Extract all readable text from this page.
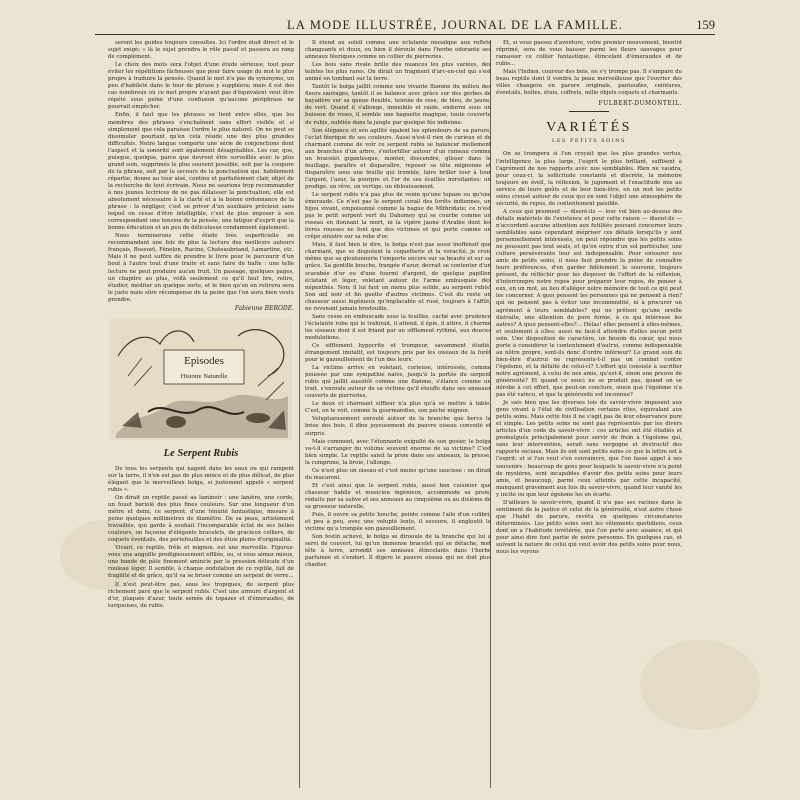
LA MODE ILLUSTRÉE, JOURNAL DE LA FAMILLE.	159

seront les guides toujours consultés. Ici l'ordre était direct et le sujet exigé; « là le sujet prendra le rôle passif et passera au rang de complément.

Le choix des mots sera l'objet d'une étude sérieuse, tout pour éviter les répétitions fâcheuses que pour faire usage du mot le plus propre à traduire la pensée. Quand le mot n'a pas de synonyme, un peu d'habileté dans le tour de phrase y suppléera; mais il est des cas nombreux où ce mot propre n'ayant pas d'équivalent veut être répété sous peine d'une confusion qu'aucune périphrase ne pourrait empêcher.

Enfin, il faut que les phrases se lient entre elles, que les membres des phrases s'enchaînent sans effort visible et si simplement que cela paraisse l'ordre le plus naturel. On ne peut se dissimuler pourtant qu'en cela réside une des plus grandes difficultés. Notre langue comporte une série de conjonctions dont l'aspect et la sonorité sont également désagréables. Les car, que, puisque, quoique, parce que devront être surveillés avec le plus grand soin, supprimés le plus souvent possible, soit par la coupure de la phrase, soit par le secours de la ponctuation qui, habilement répartie, donne au tour aisé, continu et parfaitement clair, objet de la recherche de tout écrivain. Nous ne saurions trop recommander à nos jeunes lectrices de ne pas délaisser la ponctuation; elle est absolument nécessaire à la clarté et à la bonne ordonnance de la phrase : la négliger, c'est se priver d'un auxiliaire précieux sans lequel on cesse d'être intelligible, c'est de plus imposer à son correspondant une tension de la pensée, une fatigue d'esprit que la bonne éducation et un peu de délicatesse condamnent également.

Nous terminerons cette étude très superficielle en recommandant une fois de plus la lecture des meilleurs auteurs français, Bossuet, Fénelon, Racine, Chateaubriand, Lamartine, etc. Mais il ne peut suffire de prendre le livre pour le parcourir d'un bout à l'autre tout d'une traite et sans faire de halte : une telle lecture ne peut produire aucun fruit. Un passage, quelques pages, un chapitre au plus, voilà seulement ce qu'il faut lire, relire, étudier, méditer en quelque sorte, et le bien qu'on en retirera sera le juste mais sûre récompense de la peine que l'on aura bien voulu prendre.

Fabienne BERODE.
Episodes
Histoire Naturelle
Le Serpent Rubis

De tous les serpents qui nagent dans les eaux ou qui rampent sur la terre, il n'en est pas de plus mince et de plus délicat, de plus élégant que le merveilleux boïga, si justement appelé « serpent rubis ».

On dirait un reptile passé au laminoir : une lanière, une corde, un fouet bariolé des plus fines couleurs. Sur une longueur d'un mètre et demi, ce serpent, d'une ténuité fantastique, mesure à peine quelques millimètres de diamètre. De sa peau, artistement travaillée, qui garde à souhait l'incomparable éclat de ses belles couleurs, on façonne d'élégants bracelets, de gracieux colliers, de coquets éventails, des portefeuilles et des étuis pleins d'originalité.

Vivant, ce reptile, frêle et mignon, est une merveille. Figurez-vous une anguille prodigieusement effilée, ou, si vous aimez mieux, une bande de pâte finement amincie par la pression délicate d'un rouleau léger. Il semble, à chaque ondulation de ce reptile, fait de fragilité et de grâce, qu'il va se briser comme un serpent de verre...

Il n'est peut-être pas, sous les tropiques, de serpent plus richement paré que le serpent rubis. C'est une armure d'argent et d'or, plaquée d'azur, toute semée de topazes et d'émeraudes, de turquoises, de rubis.

Il étend au soleil comme une éclatante mosaïque aux reflets changeants et doux, ou bien il déroule dans l'herbe odorante ses anneaux féeriques comme un collier de pierreries.

Les bois sans rivale brille des nuances les plus variées, des teintes les plus rares. On dirait un fragment d'arc-en-ciel qui s'est animé en tombant sur la terre.

Tantôt le boïga jaillit comme une vivante flamme du milieu des fleurs sauvages, tantôt il se balance avec grâce sur des gerbes de bayadère sur sa queue flexible, teintée de rose, de bleu, de jaune, de vert. Quand il s'allonge, immobile et raide, endormi sous un buisson de roses, il semble une baguette magique, toute couverte de rubis, oubliée dans la jungle par quelque fée indienne.

Son élégance et son agilité égalent les splendeurs de sa parure, l'éclat féerique de ses couleurs. Aussi n'est-il rien de curieux et de charmant comme de voir ce serpent rubis se balancer mollement aux branches d'un arbre, s'entortiller autour d'un rameau comme un bracelet gigantesque, monter, descendre, glisser dans le feuillage, paraître et disparaître, reposer sa tête mignonne et disparaître sous une feuille qui tremble, faire briller tour à tour l'argent, l'azur, la pourpre et l'or de ses écailles miroitantes; un prodige, un rêve, un vertige, un éblouissement.

Le serpent rubis n'a pas plus de venin qu'une topaze ou qu'une émeraude. Ce n'est pas le serpent corail des forêts indiennes, un bijou vivant, empoisonné comme la bague de Mithridate; ce n'est pas le petit serpent vert du Dahomey qui se courbe comme un roseau en donnant la mort, ni la vipère jaune d'Arabie dont les livres rousses ne font que des victimes et qui porte comme un crêpe sinistre sur sa robe d'or.

Mais, il faut bien le dire, le boïga n'est pas aussi inoffensif que charmant, que se disputent la coquetterie et la voracité; je crois même que sa gloutonnerie l'emporte encore sur sa beauté et sur sa grâce. Sa gentille bouche, frangée d'azur, devrait se contenter d'un scarabée d'or ou d'une fourmi d'argent, de quelque papillon éclatant et léger, voletant autour de l'arme embusquée des népenthès. Non; il lui faut un menu plus solide, au serpent rubis! Son œil noir et fin guette d'autres victimes. C'est du reste un chasseur aussi ingénieux qu'implacable et rusé, toujours à l'affût, ne revenant jamais bredouille.

Sans cesse en embuscade sous la feuillée, caché avec prudence l'éclatante robe qui le trahirait, il attend, il épie, il attire, il charme les oiseaux dont il est friand par un sifflement rythmé, aux douces modulations.

Ce sifflement hypocrite et trompeur, savamment étudié, étrangement imitatif, est toujours pris par les oiseaux de la forêt pour le gazouillement de l'un des leurs.

La victime arrive en voletant, curieuse, intéressée, comme poussée par une sympathie naïve, jusqu'à la portée du serpent rubis qui jaillit aussitôt comme une flamme, s'élance comme un trait, s'enroule autour de sa victime qu'il étouffe dans ses anneaux couverts de pierreries.

Le doux et charmant siffleur n'a plus qu'à se mettre à table. C'est, on le voit, comme la gourmandise, son péché mignon.

Voluptueusement enroulé autour de la branche que berce la brise des bois, il dîne joyeusement du pauvre oiseau convoité et surpris.

Mais comment, avec l'étonnante exiguïté de son gosier, le boïga va-t-il s'arranger du volume souvent énorme de sa victime? C'est bien simple. Le reptile saisit la proie dans ses anneaux, la presse, la comprime, la broie, l'allonge.

Ce n'est plus un oiseau et c'est moins qu'une saucisse : on dirait du macaroni.

Et c'est ainsi que le serpent rubis, aussi bon cuisinier que chasseur habile et musicien ingénieux, accommode sa proie, réduite par sa salive et ses anneaux au cinquième ou au dixième de sa grosseur naturelle.

Puis, il ouvre sa petite bouche, peinte comme l'aile d'un colibri, et peu à peu, avec une volupté lente, il savoure, il engloutit la victime qu'a trompée son gazouillement.

Son festin achevé, le boïga se dirooule de la branche qui lui a servi de couvert, lui qu'un immense bracelet qui se détache, met tête à terre, arrondit ses anneaux étincelants dans l'herbe parfumée et s'endort. Il digère le pauvre oiseau qui ne doit plus chanter.

Et, si vous passez d'aventure, votre premier mouvement, bientôt réprimé, sera de vous baisser parmi les fleurs sauvages pour ramasser ce collier fantastique, étincelant d'émeraudes et de rubis...

Mais l'Indien, coureur des bois, ne s'y trompe pas. Il s'empare du beau reptile dont il vendra la peau merveilleuse que l'ouvrier des villes changera en parure originale, pantoufles, ceintures, éventails, boîtes, étuis, coffrets, mille objets coquets et charmants.

FULBERT-DUMONTEIL.
VARIÉTÉS
LES PETITS SOINS

On se trompera si l'on croyait que les plus grandes vertus, l'intelligence la plus large, l'esprit le plus brillant, suffisent à l'agrément de nos rapports avec nos semblables. Rien ne vaudra, pour ceux-ci, la sollicitude constante et discrète, la mémoire toujours en éveil, la réflexion, le jugement et l'exactitude mis au service de leurs goûts et de leur bien-être, en un mot les petits soins creusé autour de ceux qui en sont l'objet une atmosphère de sécurité, de repos, de contentement paisible.

A ceux qui prennent — disent-ils — leur vol bien au-dessus des détails matériels de l'existence et pour cette raison — disent-ils — n'accordent aucune attention aux futilités pouvant concerner leurs semblables sans cependant mépriser ces détails lorsqu'ils y sont personnellement intéressés, on peut répondre que les petits soins ne poussent pas tout seuls, et qu'en outre d'un sol particulier, une culture persévérante leur est indispensable. Pour entourer nos amis de petits soins, il nous faut prendre la peine de connaître leurs préférences, d'en garder fidèlement le souvenir, toujours présent, de réfléchir pour les disposer de l'effort de la réflexion, d'interrompre notre repos pour préparer leur repos, de penser à eux, en un mot, au lieu d'alléger notre mémoire de tout ce qui peut les concerner. A quoi pensent les personnes qui ne pensent à rien? qui ne pensent pas à éviter une incommodité, ni à procurer un agrément à leurs semblables? qui ne prêtent qu'une oreille distraite, une attention de pure forme, à ce qui intéresse les autres? A quoi pensent-elles?... Hélas! elles pensent à elles-mêmes, et seulement à elles; aussi ne faut-il attendre d'elles aucun petit soin. Une disposition de caractère, un besoin du cœur, qui nous porte à considérer le contentement d'autrui, comme indispensable au nôtre propre, sont-ils donc d'ordre inférieur? Le grand soin du bien-être d'autrui ne représente-t-il pas un combat contre l'égoïsme, et la défaite de celui-ci? L'effort qui consiste à sacrifier notre agrément, à celui de nos amis, qu'est-il, sinon une preuve de générosité? Et quand ce souci ne se produit pas, quand on se dérobe à cet effort, que peut-on conclure, sinon que l'égoïsme n'a pas été vaincu, et que la générosité est inconnue?

Je sais bien que les diverses lois du savoir-vivre imposent aux gens vivant à l'état de civilisation certains rites, équivalant aux petits soins. Mais cette fois il ne s'agit pas de leur observance pure et simple. Les petits soins ne sont pas représentés par les divers articles d'un code du savoir-vivre : ces articles ont été étudiés et promulgués principalement pour servir de frein à l'égoïsme qui, sans leur intervention, serait sans vergogne et destructif des rapports sociaux. Mais ils ont sont petits soins ce que la lettre est à l'esprit; et si l'on veut s'en convaincre, que l'on fasse appel à ses souvenirs : beaucoup de gens pour lesquels le savoir-vivre n'a point de mystères, sont incapables d'avoir des petits soins pour leurs amis, et beaucoup, parmi ceux atteints par cette incapacité, manquent gravement aux lois du savoir-vivre, quand leur vanité les y incite ou que leur égoïsme les en écarte.

D'ailleurs le savoir-vivre, quand il n'a pas ses racines dans le sentiment de la justice et celui de la générosité, n'est autre chose que l'habit de parure, revêtu en quelques circonstances déterminées. Les petits soins sont les vêtements quotidiens, ceux dont on a l'habitude invétérée, que l'on porte avec aisance, et qui pour ainsi dire font partie de notre personne. En quelques cas, et suivant la nature de celui qui veut avoir des petits soins pour nous, nous les voyons
